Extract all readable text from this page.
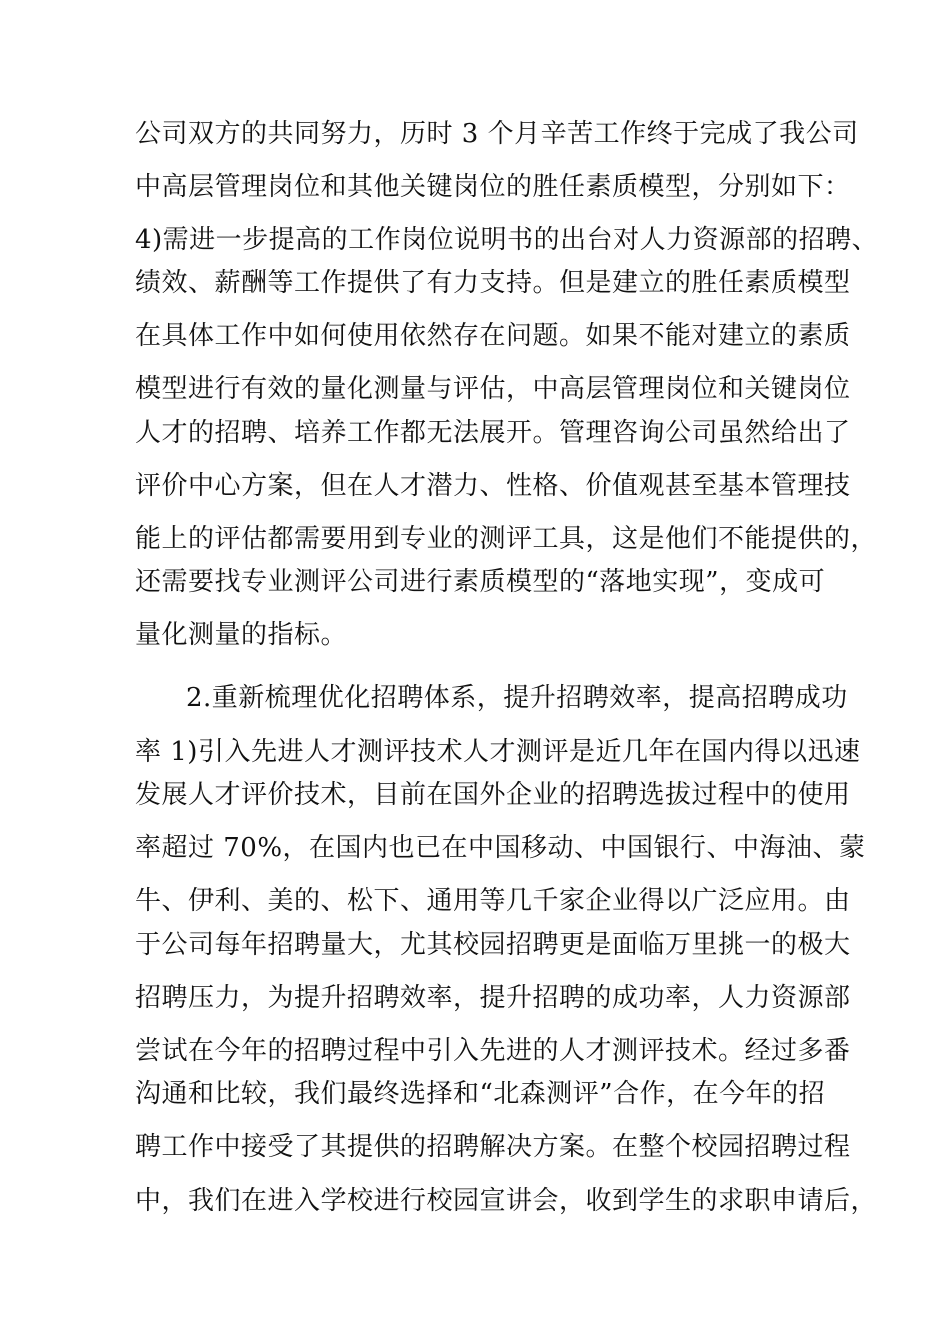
公司双方的共同努力，历时 3 个月辛苦工作终于完成了我公司
中高层管理岗位和其他关键岗位的胜任素质模型，分别如下：
4)需进一步提高的工作岗位说明书的出台对人力资源部的招聘、
绩效、薪酬等工作提供了有力支持。但是建立的胜任素质模型
在具体工作中如何使用依然存在问题。如果不能对建立的素质
模型进行有效的量化测量与评估，中高层管理岗位和关键岗位
人才的招聘、培养工作都无法展开。管理咨询公司虽然给出了
评价中心方案，但在人才潜力、性格、价值观甚至基本管理技
能上的评估都需要用到专业的测评工具，这是他们不能提供的，
还需要找专业测评公司进行素质模型的“落地实现”，变成可
量化测量的指标。
2.重新梳理优化招聘体系，提升招聘效率，提高招聘成功
率 1)引入先进人才测评技术人才测评是近几年在国内得以迅速
发展人才评价技术，目前在国外企业的招聘选拔过程中的使用
率超过 70%，在国内也已在中国移动、中国银行、中海油、蒙
牛、伊利、美的、松下、通用等几千家企业得以广泛应用。由
于公司每年招聘量大，尤其校园招聘更是面临万里挑一的极大
招聘压力，为提升招聘效率，提升招聘的成功率，人力资源部
尝试在今年的招聘过程中引入先进的人才测评技术。经过多番
沟通和比较，我们最终选择和“北森测评”合作，在今年的招
聘工作中接受了其提供的招聘解决方案。在整个校园招聘过程
中，我们在进入学校进行校园宣讲会，收到学生的求职申请后，
